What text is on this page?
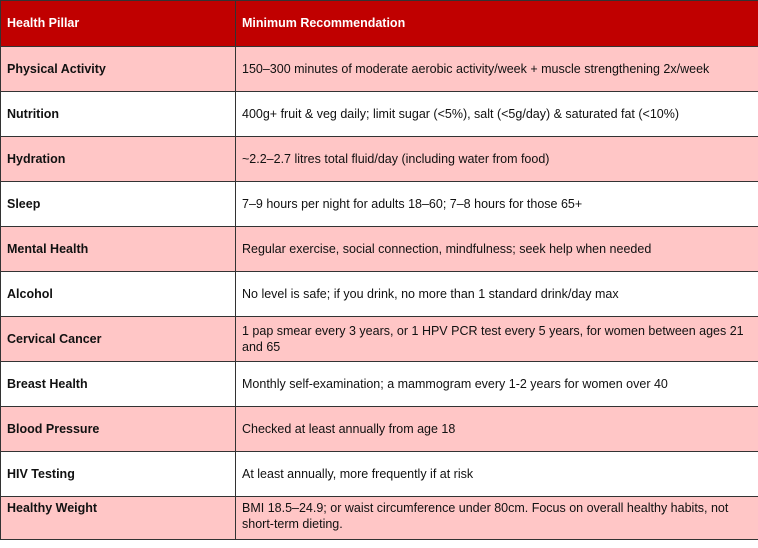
Health Pillar	Minimum Recommendation
Physical Activity	150–300 minutes of moderate aerobic activity/week + muscle strengthening 2x/week
Nutrition	400g+ fruit & veg daily; limit sugar (<5%), salt (<5g/day) & saturated fat (<10%)
Hydration	~2.2–2.7 litres total fluid/day (including water from food)
Sleep	7–9 hours per night for adults 18–60; 7–8 hours for those 65+
Mental Health	Regular exercise, social connection, mindfulness; seek help when needed
Alcohol	No level is safe; if you drink, no more than 1 standard drink/day max
Cervical Cancer	1 pap smear every 3 years, or 1 HPV PCR test every 5 years, for women between ages 21 and 65
Breast Health	Monthly self-examination; a mammogram every 1-2 years for women over 40
Blood Pressure	Checked at least annually from age 18
HIV Testing	At least annually, more frequently if at risk
Healthy Weight	BMI 18.5–24.9; or waist circumference under 80cm. Focus on overall healthy habits, not short-term dieting.
